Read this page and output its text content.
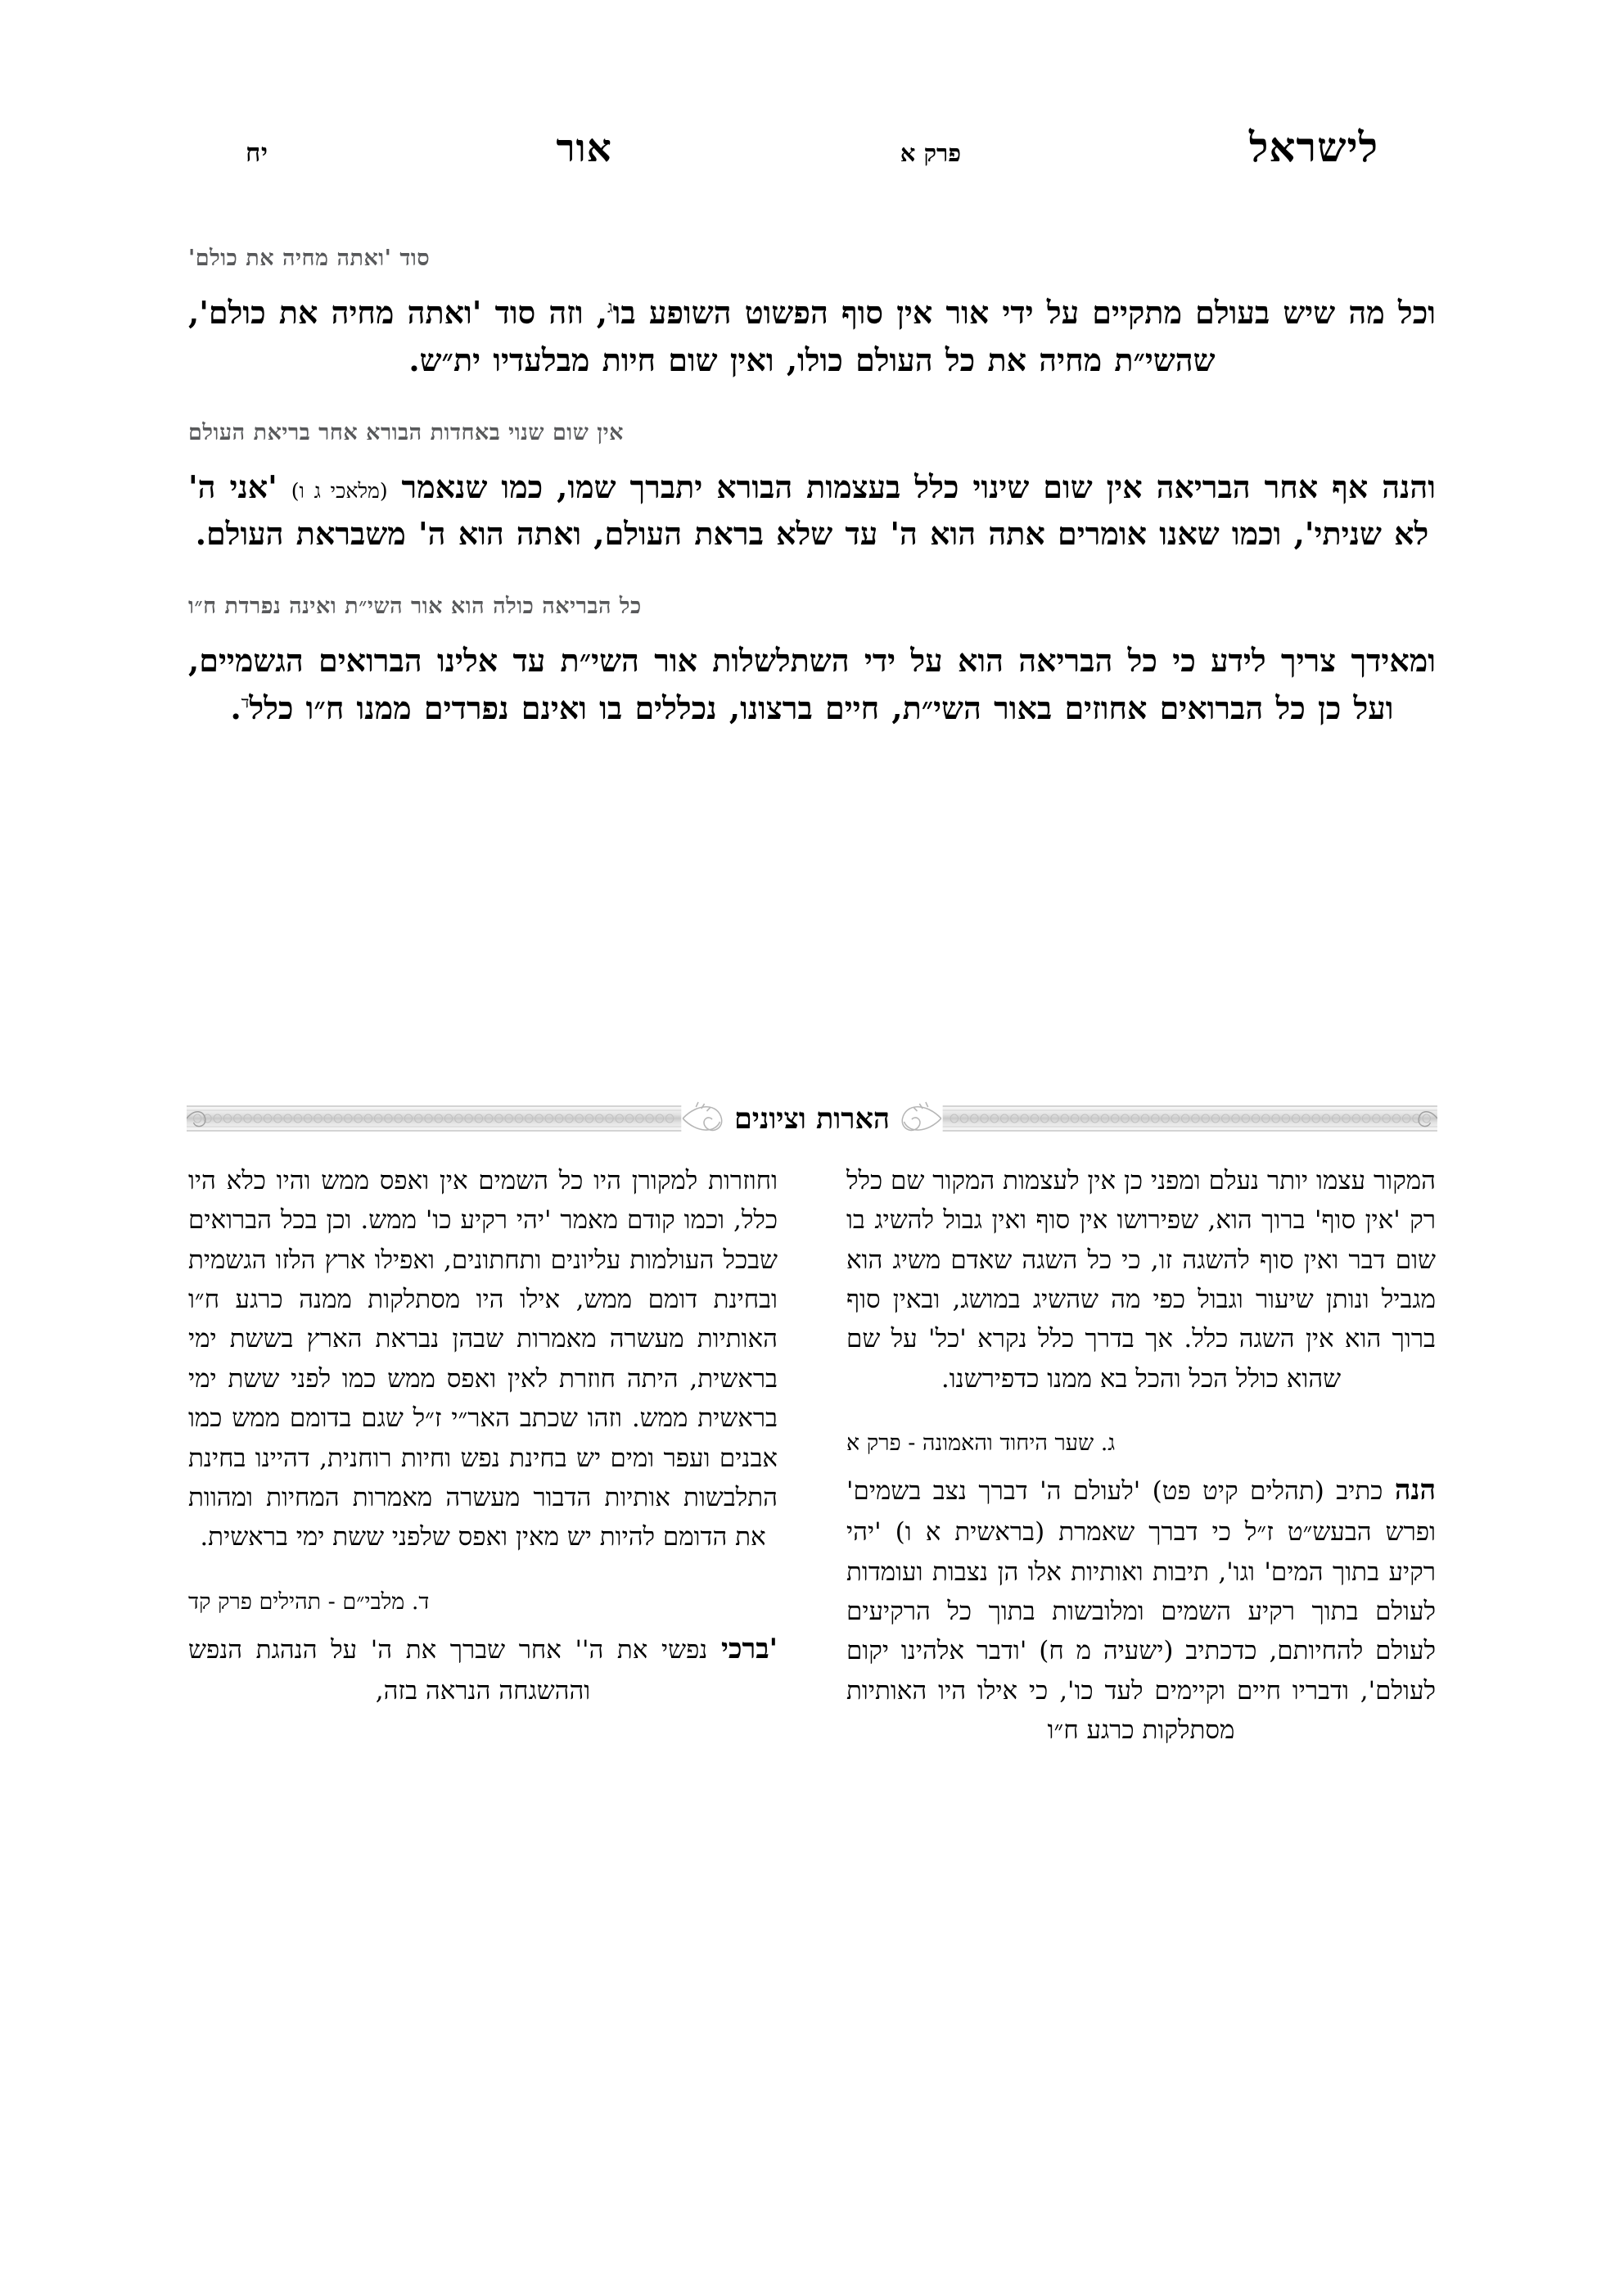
לישראל
פרק א
אור
יח
סוד 'ואתה מחיה את כולם'
וכל מה שיש בעולם מתקיים על ידי אור אין סוף הפשוט השופע בו$^ג$, וזה סוד 'ואתה מחיה את כולם', שהשי״ת מחיה את כל העולם כולו, ואין שום חיות מבלעדיו ית״ש.
אין שום שנוי באחדות הבורא אחר בריאת העולם
והנה אף אחר הבריאה אין שום שינוי כלל בעצמות הבורא יתברך שמו, כמו שנאמר (מלאכי ג ו) 'אני ה' לא שניתי', וכמו שאנו אומרים אתה הוא ה' עד שלא בראת העולם, ואתה הוא ה' משבראת העולם.
כל הבריאה כולה הוא אור השי״ת ואינה נפרדת ח״ו
ומאידך צריך לידע כי כל הבריאה הוא על ידי השתלשלות אור השי״ת עד אלינו הברואים הגשמיים, ועל כן כל הברואים אחוזים באור השי״ת, חיים ברצונו, נכללים בו ואינם נפרדים ממנו ח״ו כלל$^ד$.
הארות וציונים

המקור עצמו יותר נעלם ומפני כן אין לעצמות המקור שם כלל רק 'אין סוף' ברוך הוא, שפירושו אין סוף ואין גבול להשיג בו שום דבר ואין סוף להשגה זו, כי כל השגה שאדם משיג הוא מגביל ונותן שיעור וגבול כפי מה שהשיג במושג, ובאין סוף ברוך הוא אין השגה כלל. אך בדרך כלל נקרא 'כל' על שם שהוא כולל הכל והכל בא ממנו כדפירשנו.

ג. שער היחוד והאמונה - פרק א

הנה כתיב (תהלים קיט פט) 'לעולם ה' דברך נצב בשמים' ופרש הבעש״ט ז״ל כי דברך שאמרת (בראשית א ו) 'יהי רקיע בתוך המים' וגו', תיבות ואותיות אלו הן נצבות ועומדות לעולם בתוך רקיע השמים ומלובשות בתוך כל הרקיעים לעולם להחיותם, כדכתיב (ישעיה מ ח) 'ודבר אלהינו יקום לעולם', ודבריו חיים וקיימים לעד כו', כי אילו היו האותיות מסתלקות כרגע ח״ו

וחוזרות למקורן היו כל השמים אין ואפס ממש והיו כלא היו כלל, וכמו קודם מאמר 'יהי רקיע כו' ממש. וכן בכל הברואים שבכל העולמות עליונים ותחתונים, ואפילו ארץ הלזו הגשמית ובחינת דומם ממש, אילו היו מסתלקות ממנה כרגע ח״ו האותיות מעשרה מאמרות שבהן נבראת הארץ בששת ימי בראשית, היתה חוזרת לאין ואפס ממש כמו לפני ששת ימי בראשית ממש. וזהו שכתב האר״י ז״ל שגם בדומם ממש כמו אבנים ועפר ומים יש בחינת נפש וחיות רוחנית, דהיינו בחינת התלבשות אותיות הדבור מעשרה מאמרות המחיות ומהוות את הדומם להיות יש מאין ואפס שלפני ששת ימי בראשית.

ד. מלבי״ם - תהילים פרק קד

'ברכי נפשי את ה'' אחר שברך את ה' על הנהגת הנפש וההשגחה הנראה בזה,
